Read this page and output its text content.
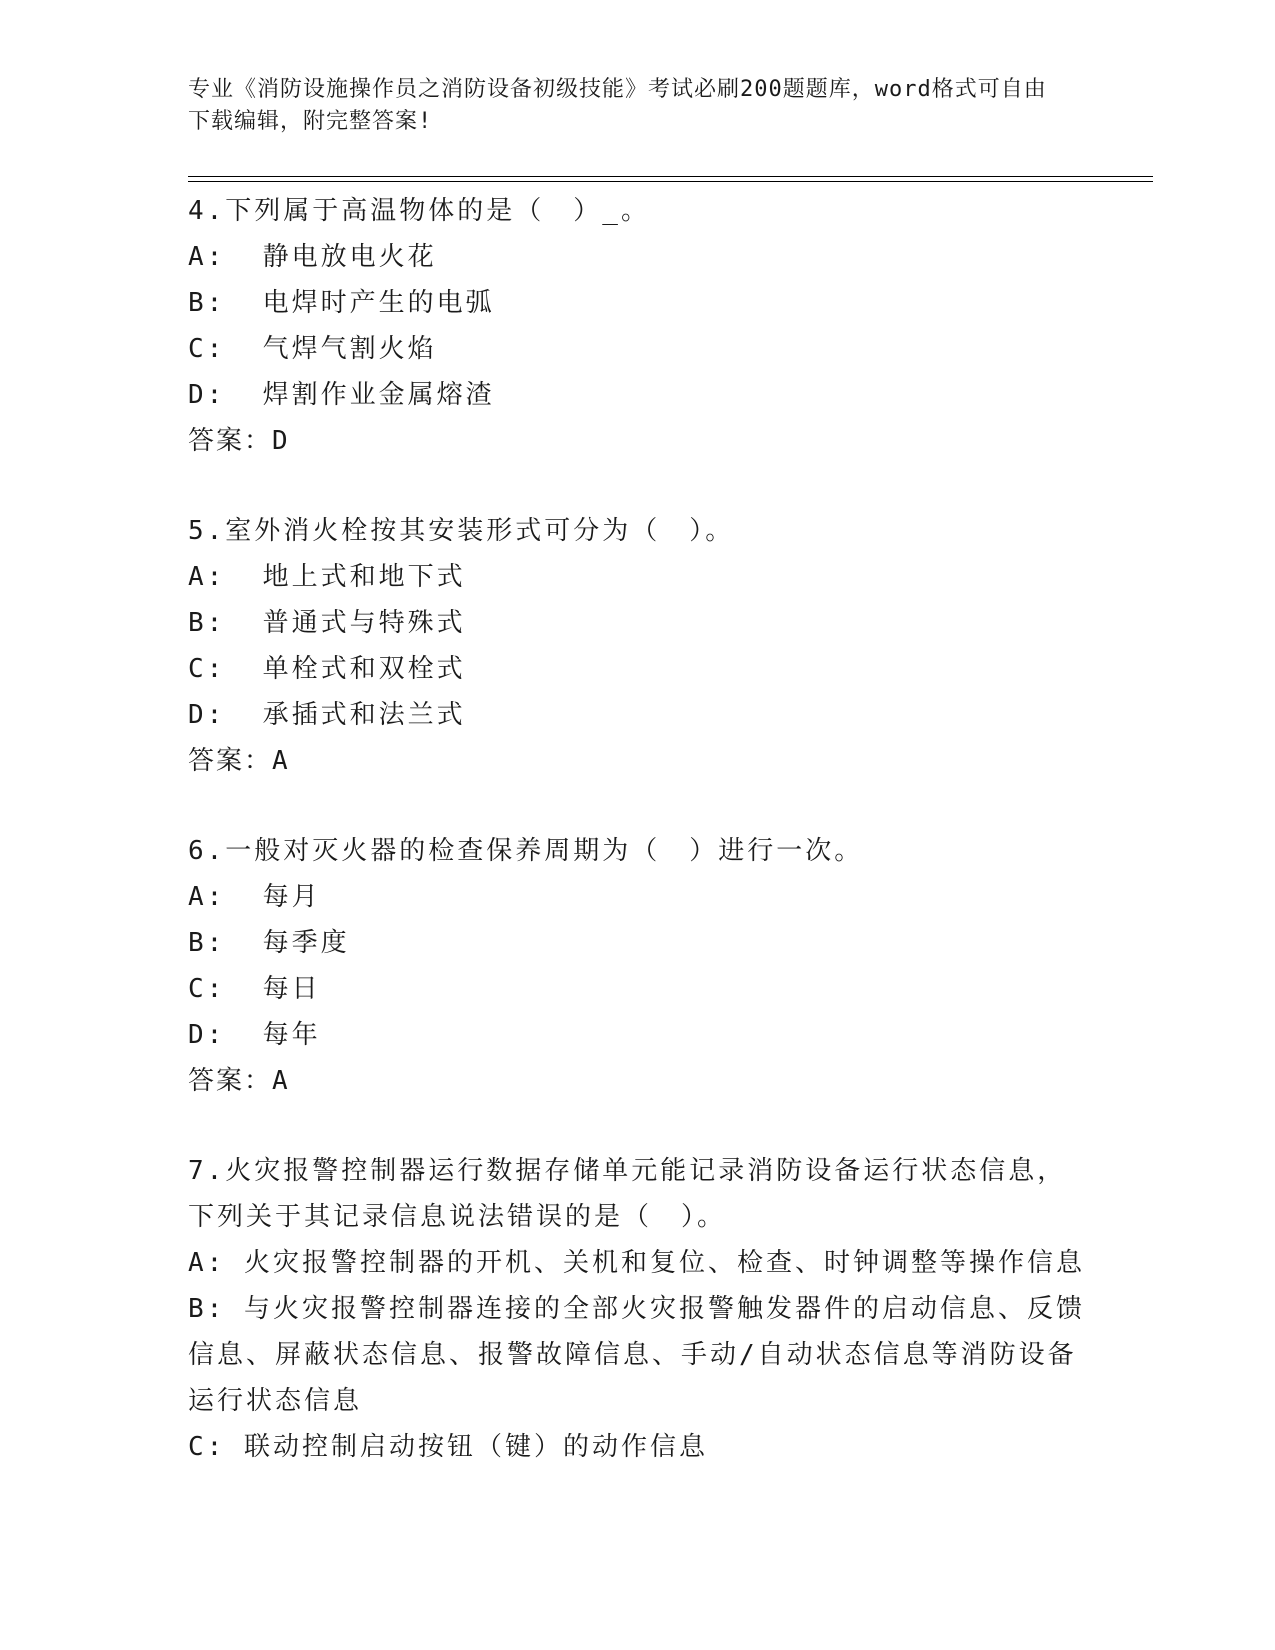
专业《消防设施操作员之消防设备初级技能》考试必刷200题题库，word格式可自由下载编辑，附完整答案!
4.下列属于高温物体的是（　）_。
A:  静电放电火花
B:  电焊时产生的电弧
C:  气焊气割火焰
D:  焊割作业金属熔渣
答案：D
5.室外消火栓按其安装形式可分为（　）。
A:  地上式和地下式
B:  普通式与特殊式
C:  单栓式和双栓式
D:  承插式和法兰式
答案：A
6.一般对灭火器的检查保养周期为（　）进行一次。
A:  每月
B:  每季度
C:  每日
D:  每年
答案：A
7.火灾报警控制器运行数据存储单元能记录消防设备运行状态信息，下列关于其记录信息说法错误的是（　）。
A: 火灾报警控制器的开机、关机和复位、检查、时钟调整等操作信息
B: 与火灾报警控制器连接的全部火灾报警触发器件的启动信息、反馈信息、屏蔽状态信息、报警故障信息、手动/自动状态信息等消防设备运行状态信息
C: 联动控制启动按钮（键）的动作信息
